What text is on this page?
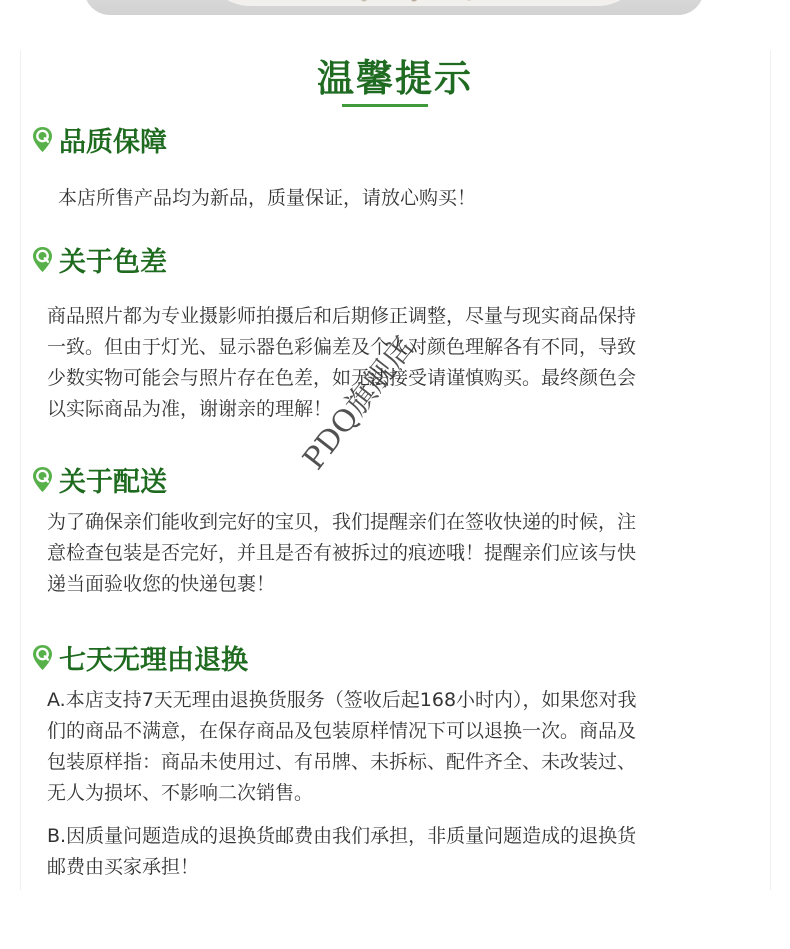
温馨提示
品质保障
本店所售产品均为新品，质量保证，请放心购买！
关于色差
商品照片都为专业摄影师拍摄后和后期修正调整，尽量与现实商品保持
一致。但由于灯光、显示器色彩偏差及个人对颜色理解各有不同，导致
少数实物可能会与照片存在色差，如无法接受请谨慎购买。最终颜色会
以实际商品为准，谢谢亲的理解！
关于配送
为了确保亲们能收到完好的宝贝，我们提醒亲们在签收快递的时候，注
意检查包装是否完好，并且是否有被拆过的痕迹哦！提醒亲们应该与快
递当面验收您的快递包裹！
七天无理由退换
A.本店支持7天无理由退换货服务（签收后起168小时内），如果您对我
们的商品不满意，在保存商品及包装原样情况下可以退换一次。商品及
包装原样指：商品未使用过、有吊牌、未拆标、配件齐全、未改装过、
无人为损坏、不影响二次销售。
B.因质量问题造成的退换货邮费由我们承担，非质量问题造成的退换货
邮费由买家承担！
PDQ旗舰店
